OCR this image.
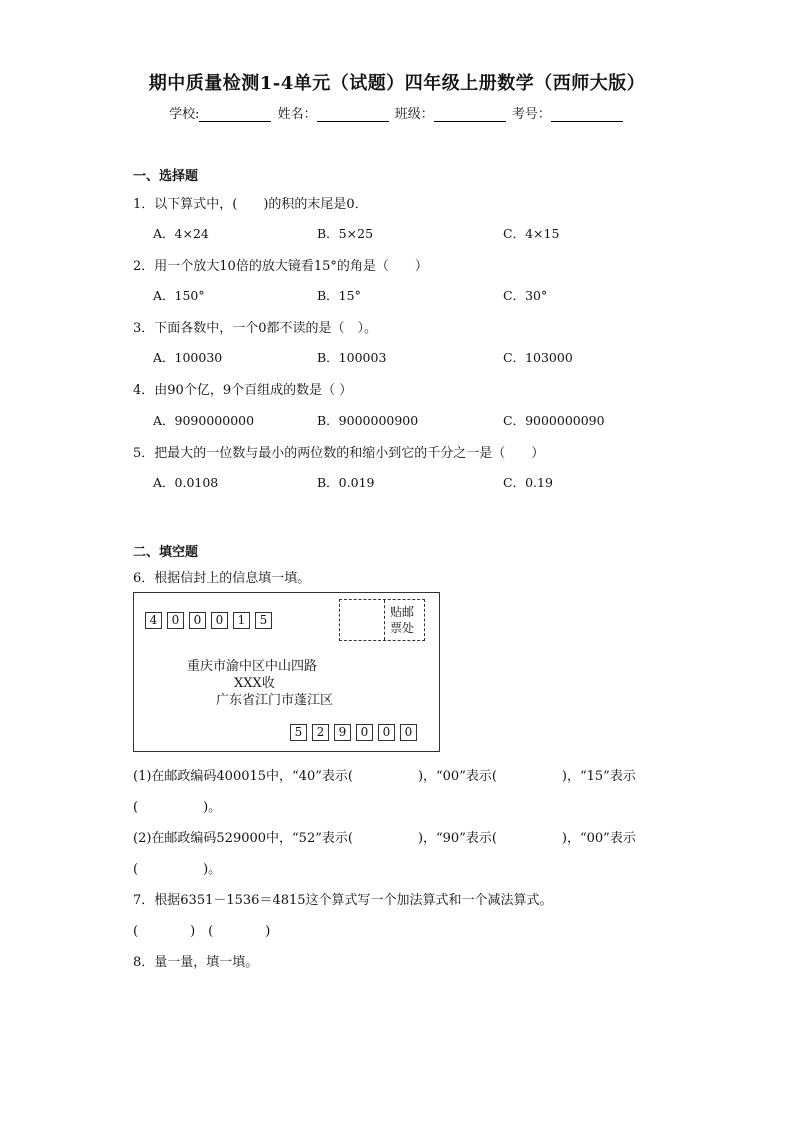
期中质量检测1-4单元（试题）四年级上册数学（西师大版）
学校:	姓名：	班级：	考号：
一、选择题
1．以下算式中，(　　)的积的末尾是0．
A．4×24	B．5×25	C．4×15
2．用一个放大10倍的放大镜看15°的角是（　　）
A．150°	B．15°	C．30°
3．下面各数中，一个0都不读的是（　）。
A．100030	B．100003	C．103000
4．由90个亿，9个百组成的数是（ ）
A．9090000000	B．9000000900	C．9000000090
5．把最大的一位数与最小的两位数的和缩小到它的千分之一是（　　）
A．0.0108	B．0.019	C．0.19
二、填空题
6．根据信封上的信息填一填。
4	0	0	0	1	5
贴邮
票处
重庆市渝中区中山四路
XXX收
广东省江门市蓬江区
5	2	9	0	0	0
(1)在邮政编码400015中，“40”表示(　　　　　)，“00”表示(　　　　　)，“15”表示
(　　　　　)。
(2)在邮政编码529000中，“52”表示(　　　　　)，“90”表示(　　　　　)，“00”表示
(　　　　　)。
7．根据6351－1536＝4815这个算式写一个加法算式和一个减法算式。
(　　　　)　(　　　　)
8．量一量，填一填。
